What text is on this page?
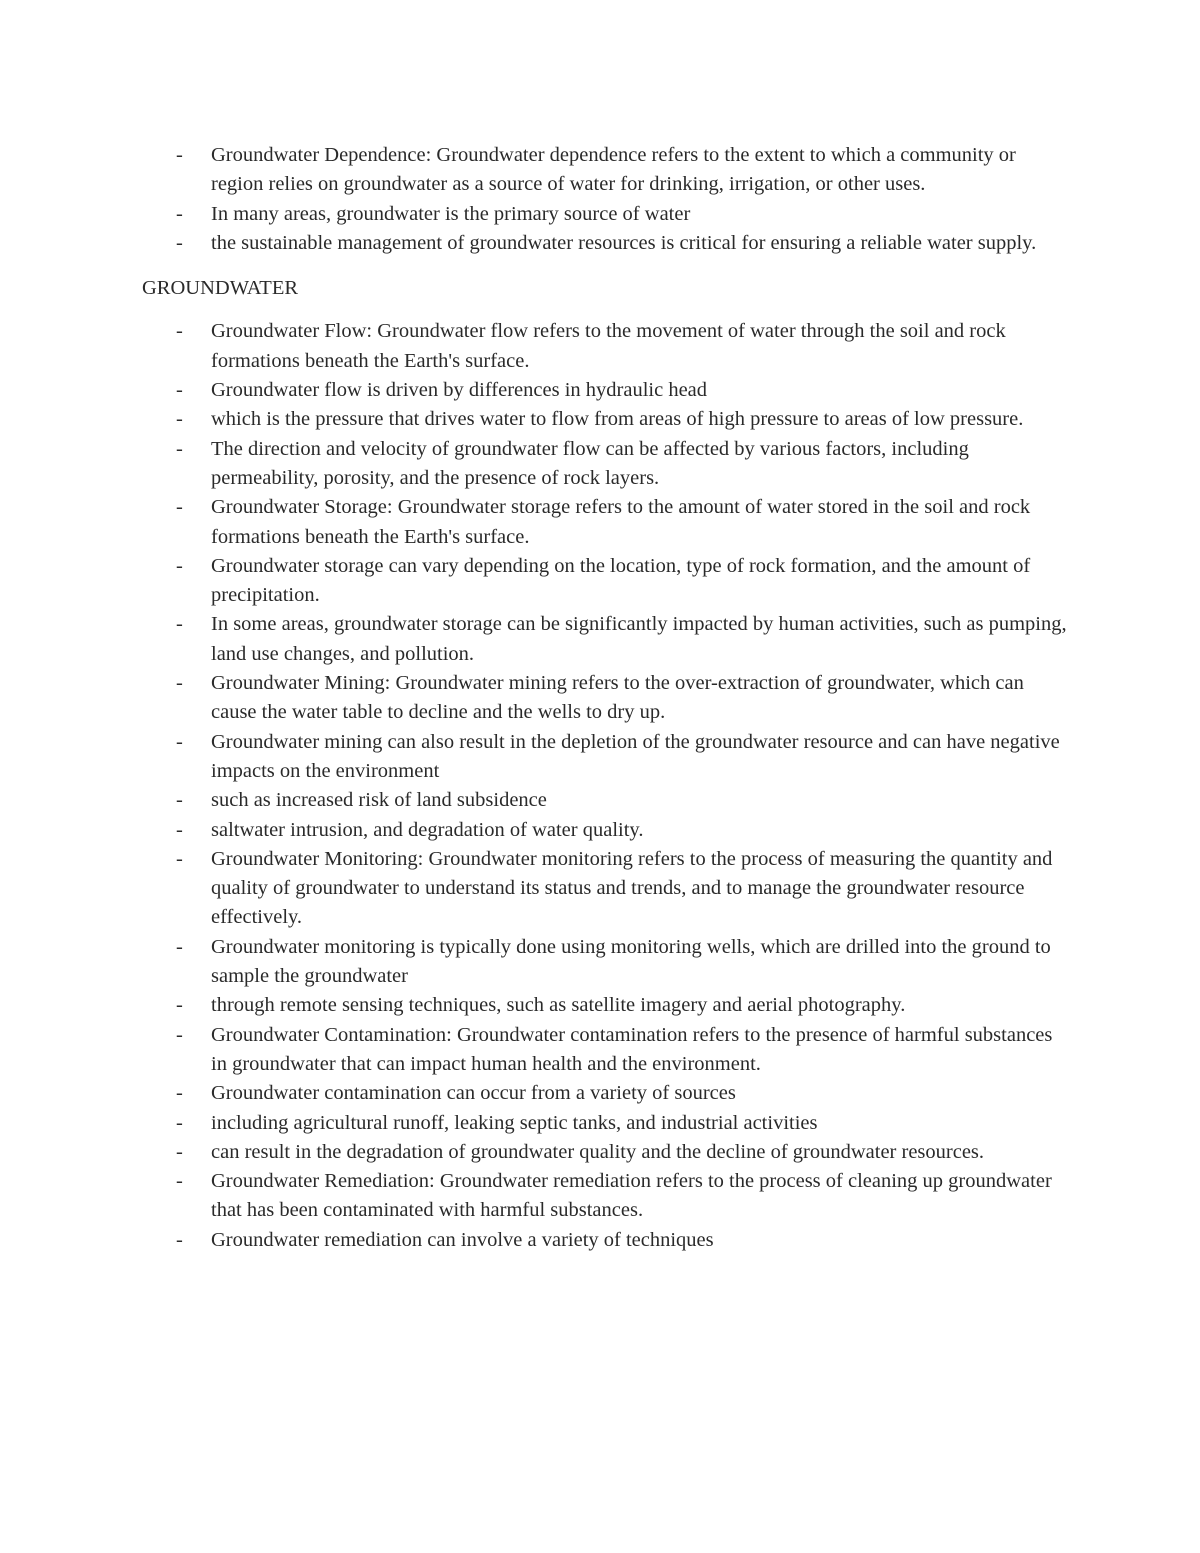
- Groundwater Dependence: Groundwater dependence refers to the extent to which a community or region relies on groundwater as a source of water for drinking, irrigation, or other uses.
- In many areas, groundwater is the primary source of water
- the sustainable management of groundwater resources is critical for ensuring a reliable water supply.

GROUNDWATER

- Groundwater Flow: Groundwater flow refers to the movement of water through the soil and rock formations beneath the Earth's surface.
- Groundwater flow is driven by differences in hydraulic head
- which is the pressure that drives water to flow from areas of high pressure to areas of low pressure.
- The direction and velocity of groundwater flow can be affected by various factors, including permeability, porosity, and the presence of rock layers.
- Groundwater Storage: Groundwater storage refers to the amount of water stored in the soil and rock formations beneath the Earth's surface.
- Groundwater storage can vary depending on the location, type of rock formation, and the amount of precipitation.
- In some areas, groundwater storage can be significantly impacted by human activities, such as pumping, land use changes, and pollution.
- Groundwater Mining: Groundwater mining refers to the over-extraction of groundwater, which can cause the water table to decline and the wells to dry up.
- Groundwater mining can also result in the depletion of the groundwater resource and can have negative impacts on the environment
- such as increased risk of land subsidence
- saltwater intrusion, and degradation of water quality.
- Groundwater Monitoring: Groundwater monitoring refers to the process of measuring the quantity and quality of groundwater to understand its status and trends, and to manage the groundwater resource effectively.
- Groundwater monitoring is typically done using monitoring wells, which are drilled into the ground to sample the groundwater
- through remote sensing techniques, such as satellite imagery and aerial photography.
- Groundwater Contamination: Groundwater contamination refers to the presence of harmful substances in groundwater that can impact human health and the environment.
- Groundwater contamination can occur from a variety of sources
- including agricultural runoff, leaking septic tanks, and industrial activities
- can result in the degradation of groundwater quality and the decline of groundwater resources.
- Groundwater Remediation: Groundwater remediation refers to the process of cleaning up groundwater that has been contaminated with harmful substances.
- Groundwater remediation can involve a variety of techniques
